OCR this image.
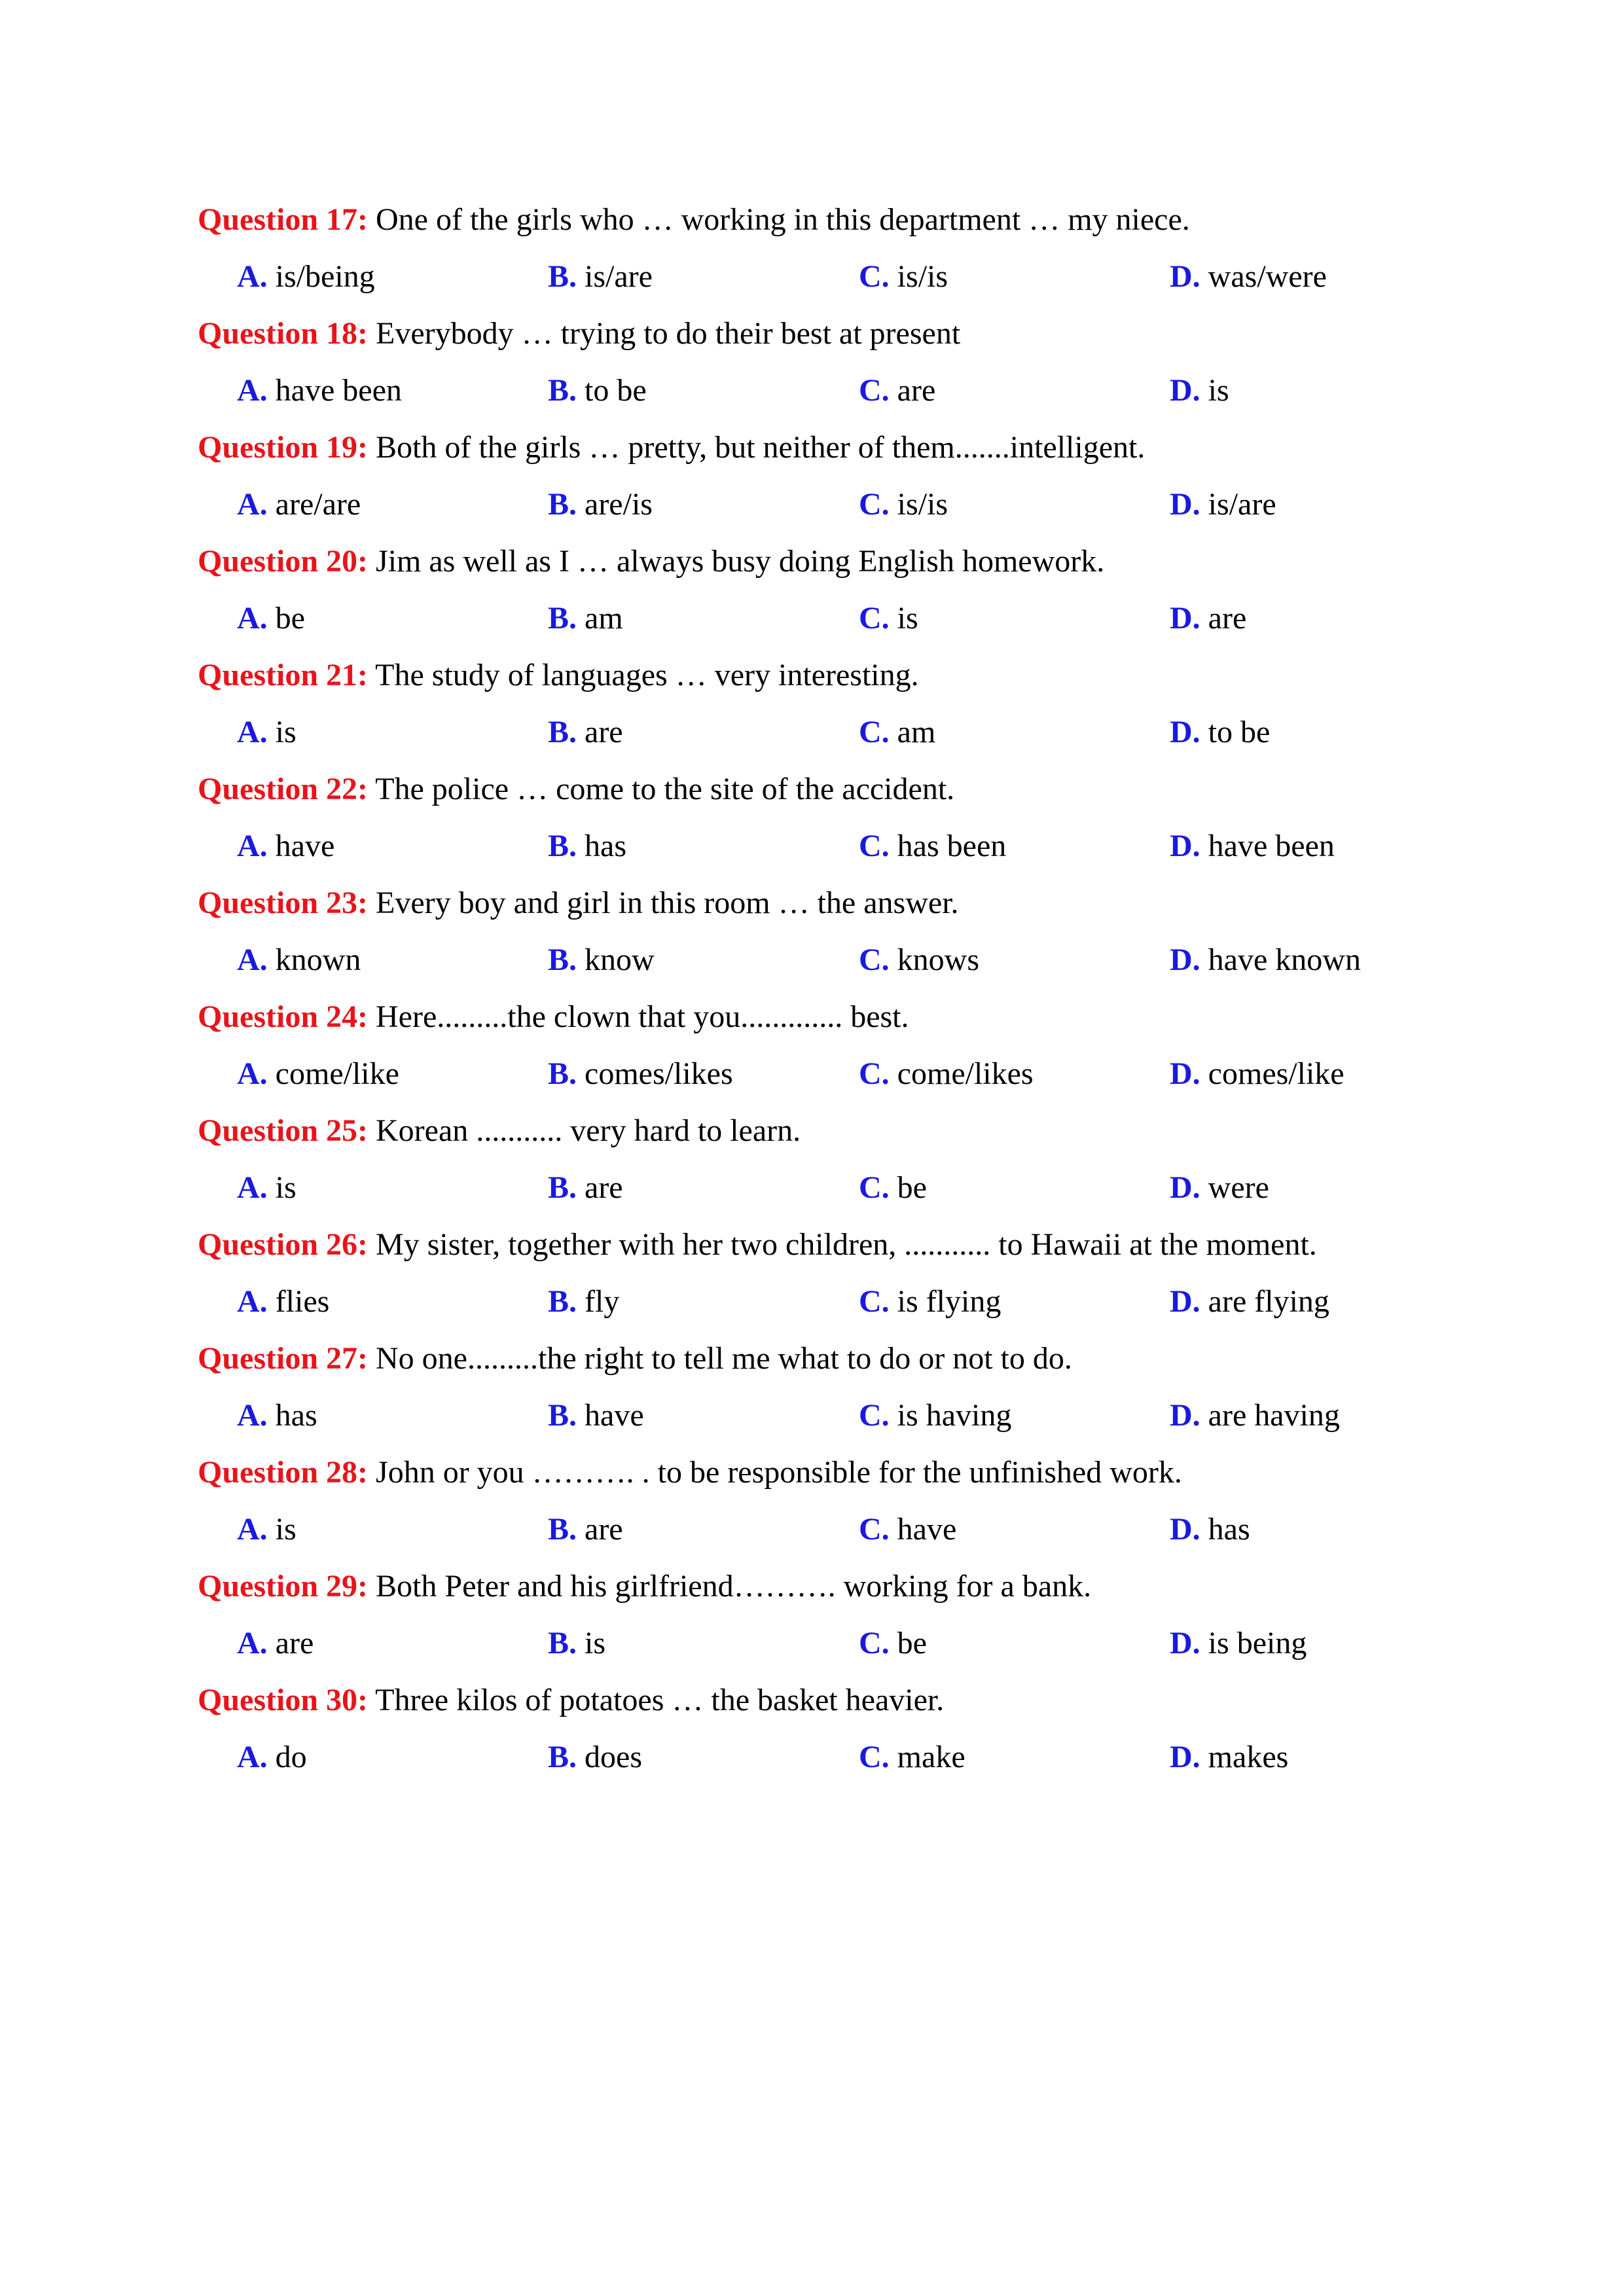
Question 17: One of the girls who … working in this department … my niece.
A. is/being	B. is/are	C. is/is	D. was/were
Question 18: Everybody … trying to do their best at present
A. have been	B. to be	C. are	D. is
Question 19: Both of the girls … pretty, but neither of them.......intelligent.
A. are/are	B. are/is	C. is/is	D. is/are
Question 20: Jim as well as I … always busy doing English homework.
A. be	B. am	C. is	D. are
Question 21: The study of languages … very interesting.
A. is	B. are	C. am	D. to be
Question 22: The police … come to the site of the accident.
A. have	B. has	C. has been	D. have been
Question 23: Every boy and girl in this room … the answer.
A. known	B. know	C. knows	D. have known
Question 24: Here.........the clown that you............. best.
A. come/like	B. comes/likes	C. come/likes	D. comes/like
Question 25: Korean ........... very hard to learn.
A. is	B. are	C. be	D. were
Question 26: My sister, together with her two children, ........... to Hawaii at the moment.
A. flies	B. fly	C. is flying	D. are flying
Question 27: No one.........the right to tell me what to do or not to do.
A. has	B. have	C. is having	D. are having
Question 28: John or you ………. . to be responsible for the unfinished work.
A. is	B. are	C. have	D. has
Question 29: Both Peter and his girlfriend………. working for a bank.
A. are	B. is	C. be	D. is being
Question 30: Three kilos of potatoes … the basket heavier.
A. do	B. does	C. make	D. makes
